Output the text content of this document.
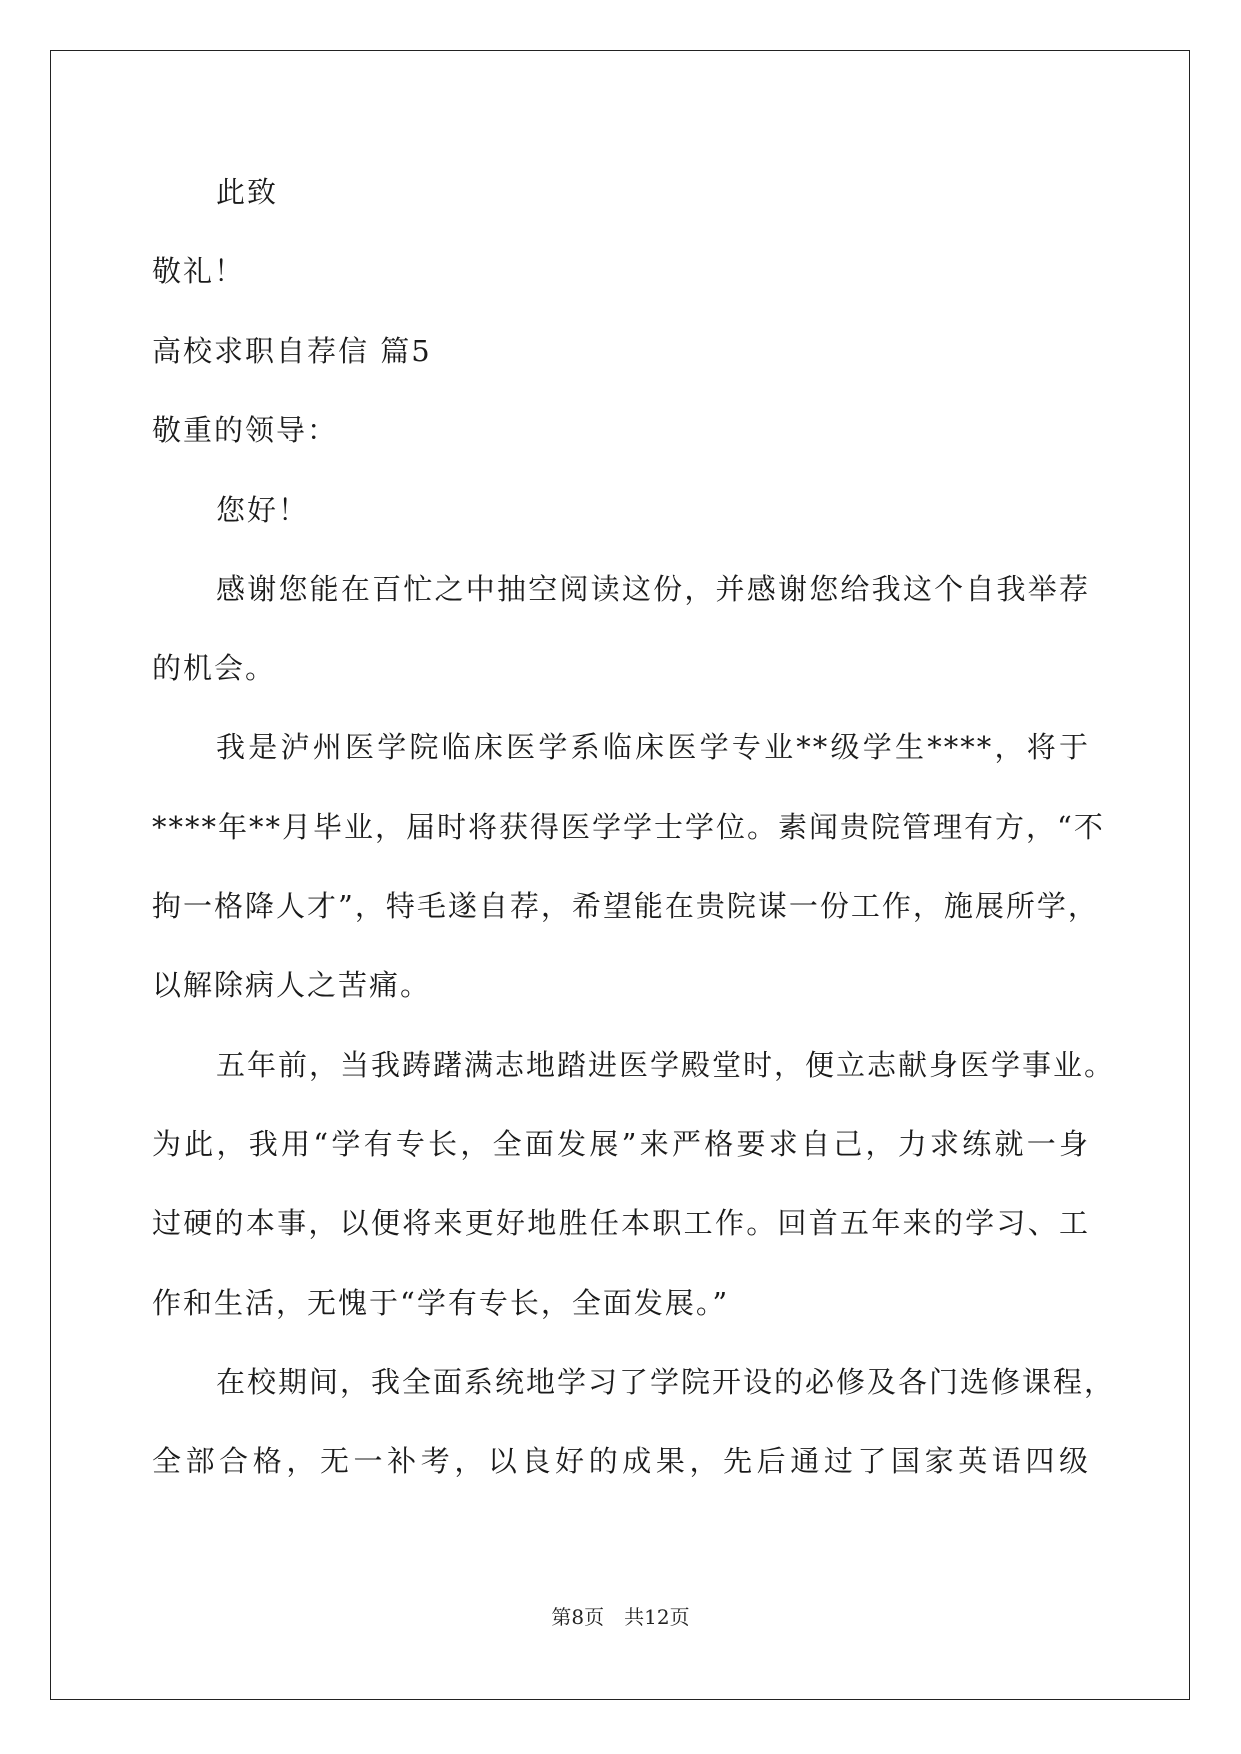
此致
敬礼！
高校求职自荐信 篇5
敬重的领导：
您好！
感谢您能在百忙之中抽空阅读这份，并感谢您给我这个自我举荐
的机会。
我是泸州医学院临床医学系临床医学专业**级学生****，将于
****年**月毕业，届时将获得医学学士学位。素闻贵院管理有方，“不
拘一格降人才”，特毛遂自荐，希望能在贵院谋一份工作，施展所学，
以解除病人之苦痛。
五年前，当我踌躇满志地踏进医学殿堂时，便立志献身医学事业。
为此，我用“学有专长，全面发展”来严格要求自己，力求练就一身
过硬的本事，以便将来更好地胜任本职工作。回首五年来的学习、工
作和生活，无愧于“学有专长，全面发展。”
在校期间，我全面系统地学习了学院开设的必修及各门选修课程，
全部合格，无一补考，以良好的成果，先后通过了国家英语四级
第8页　共12页
